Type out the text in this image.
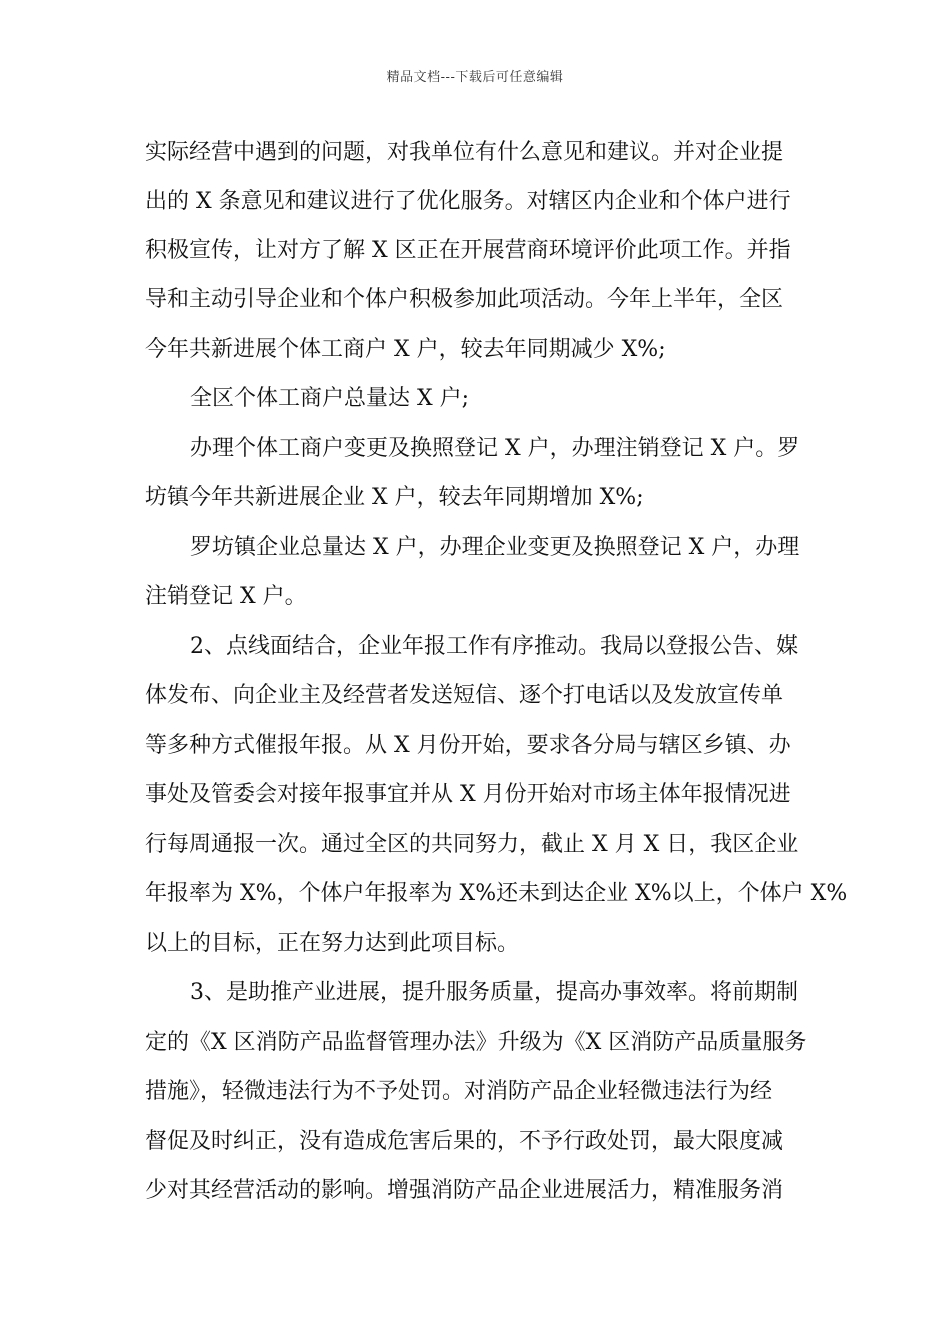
精品文档---下载后可任意编辑
实际经营中遇到的问题，对我单位有什么意见和建议。并对企业提
出的 X 条意见和建议进行了优化服务。对辖区内企业和个体户进行
积极宣传，让对方了解 X 区正在开展营商环境评价此项工作。并指
导和主动引导企业和个体户积极参加此项活动。今年上半年，全区
今年共新进展个体工商户 X 户，较去年同期减少 X%;
全区个体工商户总量达 X 户;
办理个体工商户变更及换照登记 X 户，办理注销登记 X 户。罗
坊镇今年共新进展企业 X 户，较去年同期增加 X%;
罗坊镇企业总量达 X 户，办理企业变更及换照登记 X 户，办理
注销登记 X 户。
2、点线面结合，企业年报工作有序推动。我局以登报公告、媒
体发布、向企业主及经营者发送短信、逐个打电话以及发放宣传单
等多种方式催报年报。从 X 月份开始，要求各分局与辖区乡镇、办
事处及管委会对接年报事宜并从 X 月份开始对市场主体年报情况进
行每周通报一次。通过全区的共同努力，截止 X 月 X 日，我区企业
年报率为 X%，个体户年报率为 X%还未到达企业 X%以上，个体户 X%
以上的目标，正在努力达到此项目标。
3、是助推产业进展，提升服务质量，提高办事效率。将前期制
定的《X 区消防产品监督管理办法》升级为《X 区消防产品质量服务
措施》，轻微违法行为不予处罚。对消防产品企业轻微违法行为经
督促及时纠正，没有造成危害后果的，不予行政处罚，最大限度减
少对其经营活动的影响。增强消防产品企业进展活力，精准服务消
